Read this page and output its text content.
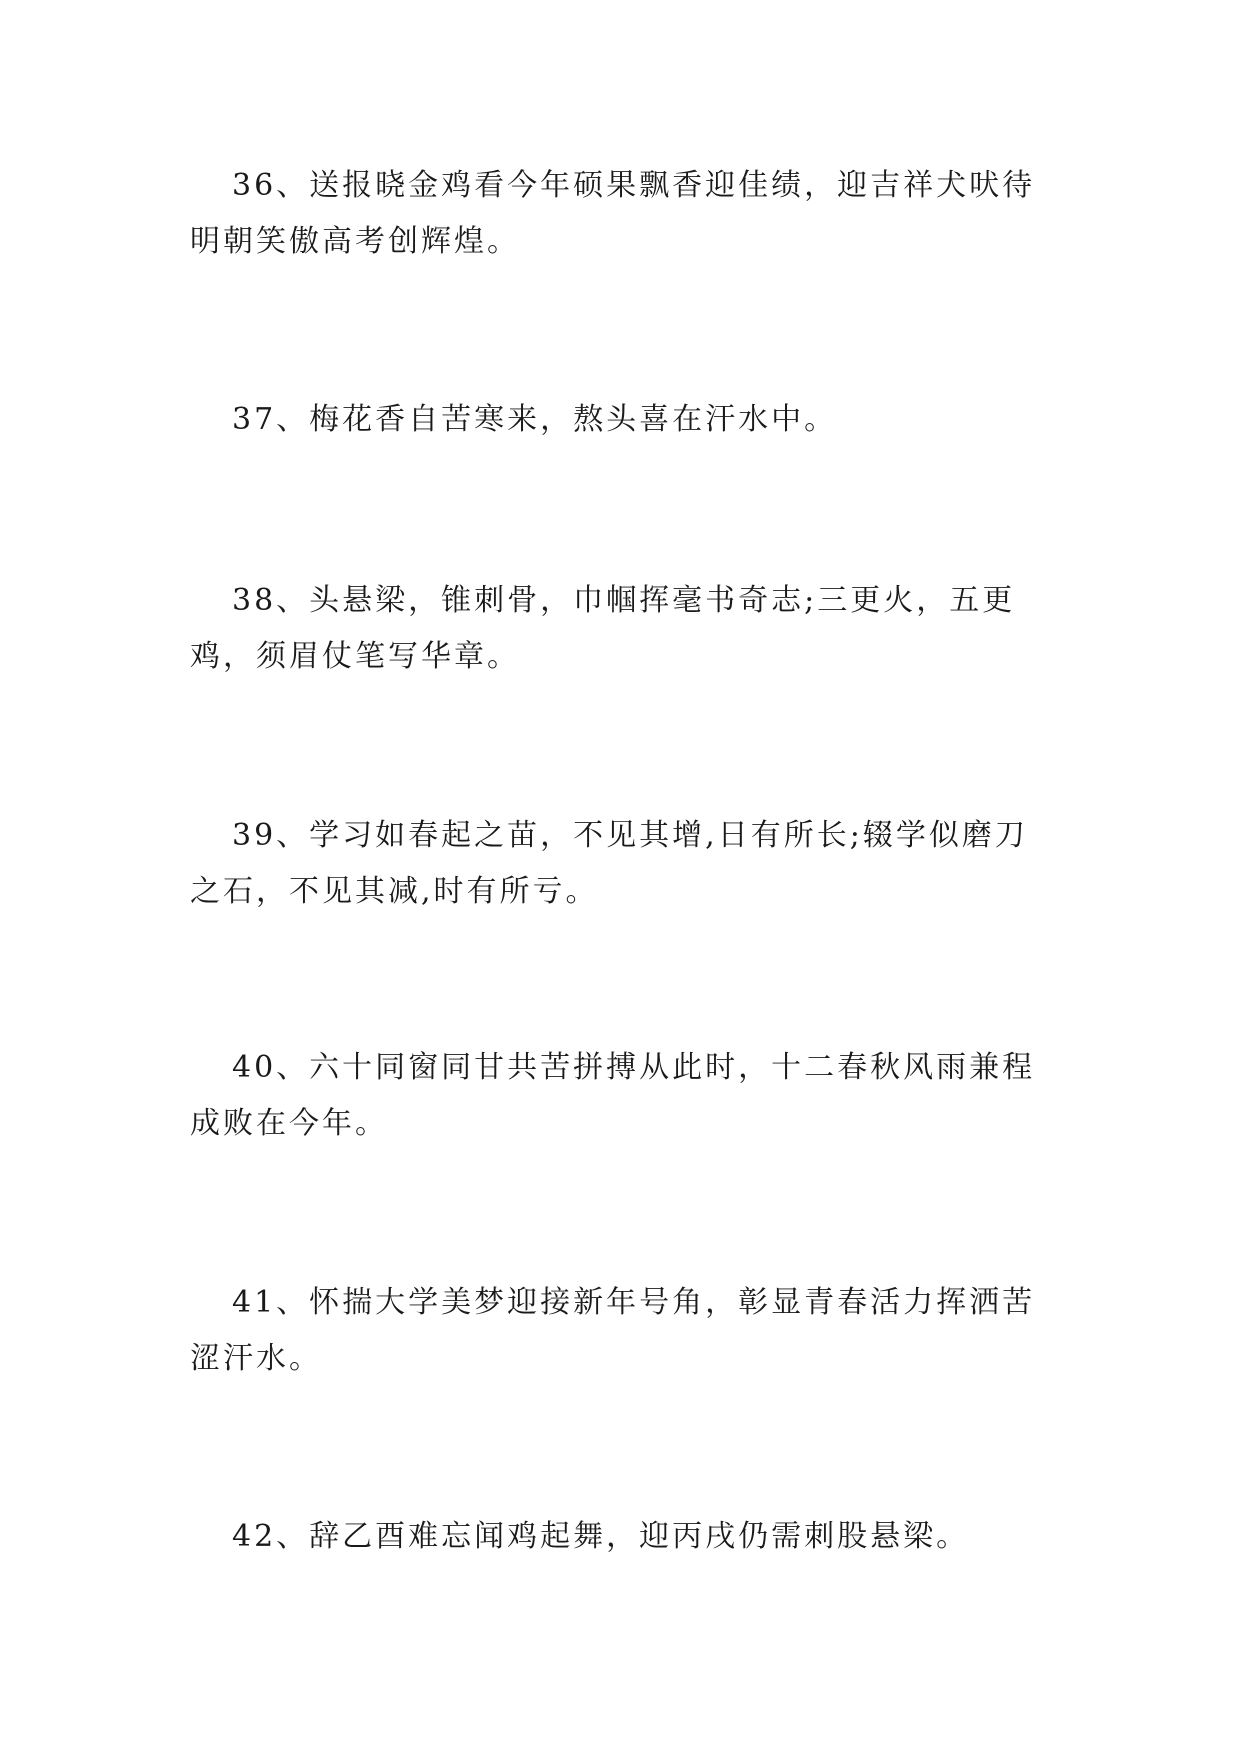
36、送报晓金鸡看今年硕果飘香迎佳绩，迎吉祥犬吠待明朝笑傲高考创辉煌。

37、梅花香自苦寒来，熬头喜在汗水中。

38、头悬梁，锥刺骨，巾帼挥毫书奇志;三更火，五更鸡，须眉仗笔写华章。

39、学习如春起之苗，不见其增,日有所长;辍学似磨刀之石，不见其减,时有所亏。

40、六十同窗同甘共苦拼搏从此时，十二春秋风雨兼程成败在今年。

41、怀揣大学美梦迎接新年号角，彰显青春活力挥洒苦涩汗水。

42、辞乙酉难忘闻鸡起舞，迎丙戌仍需刺股悬梁。
